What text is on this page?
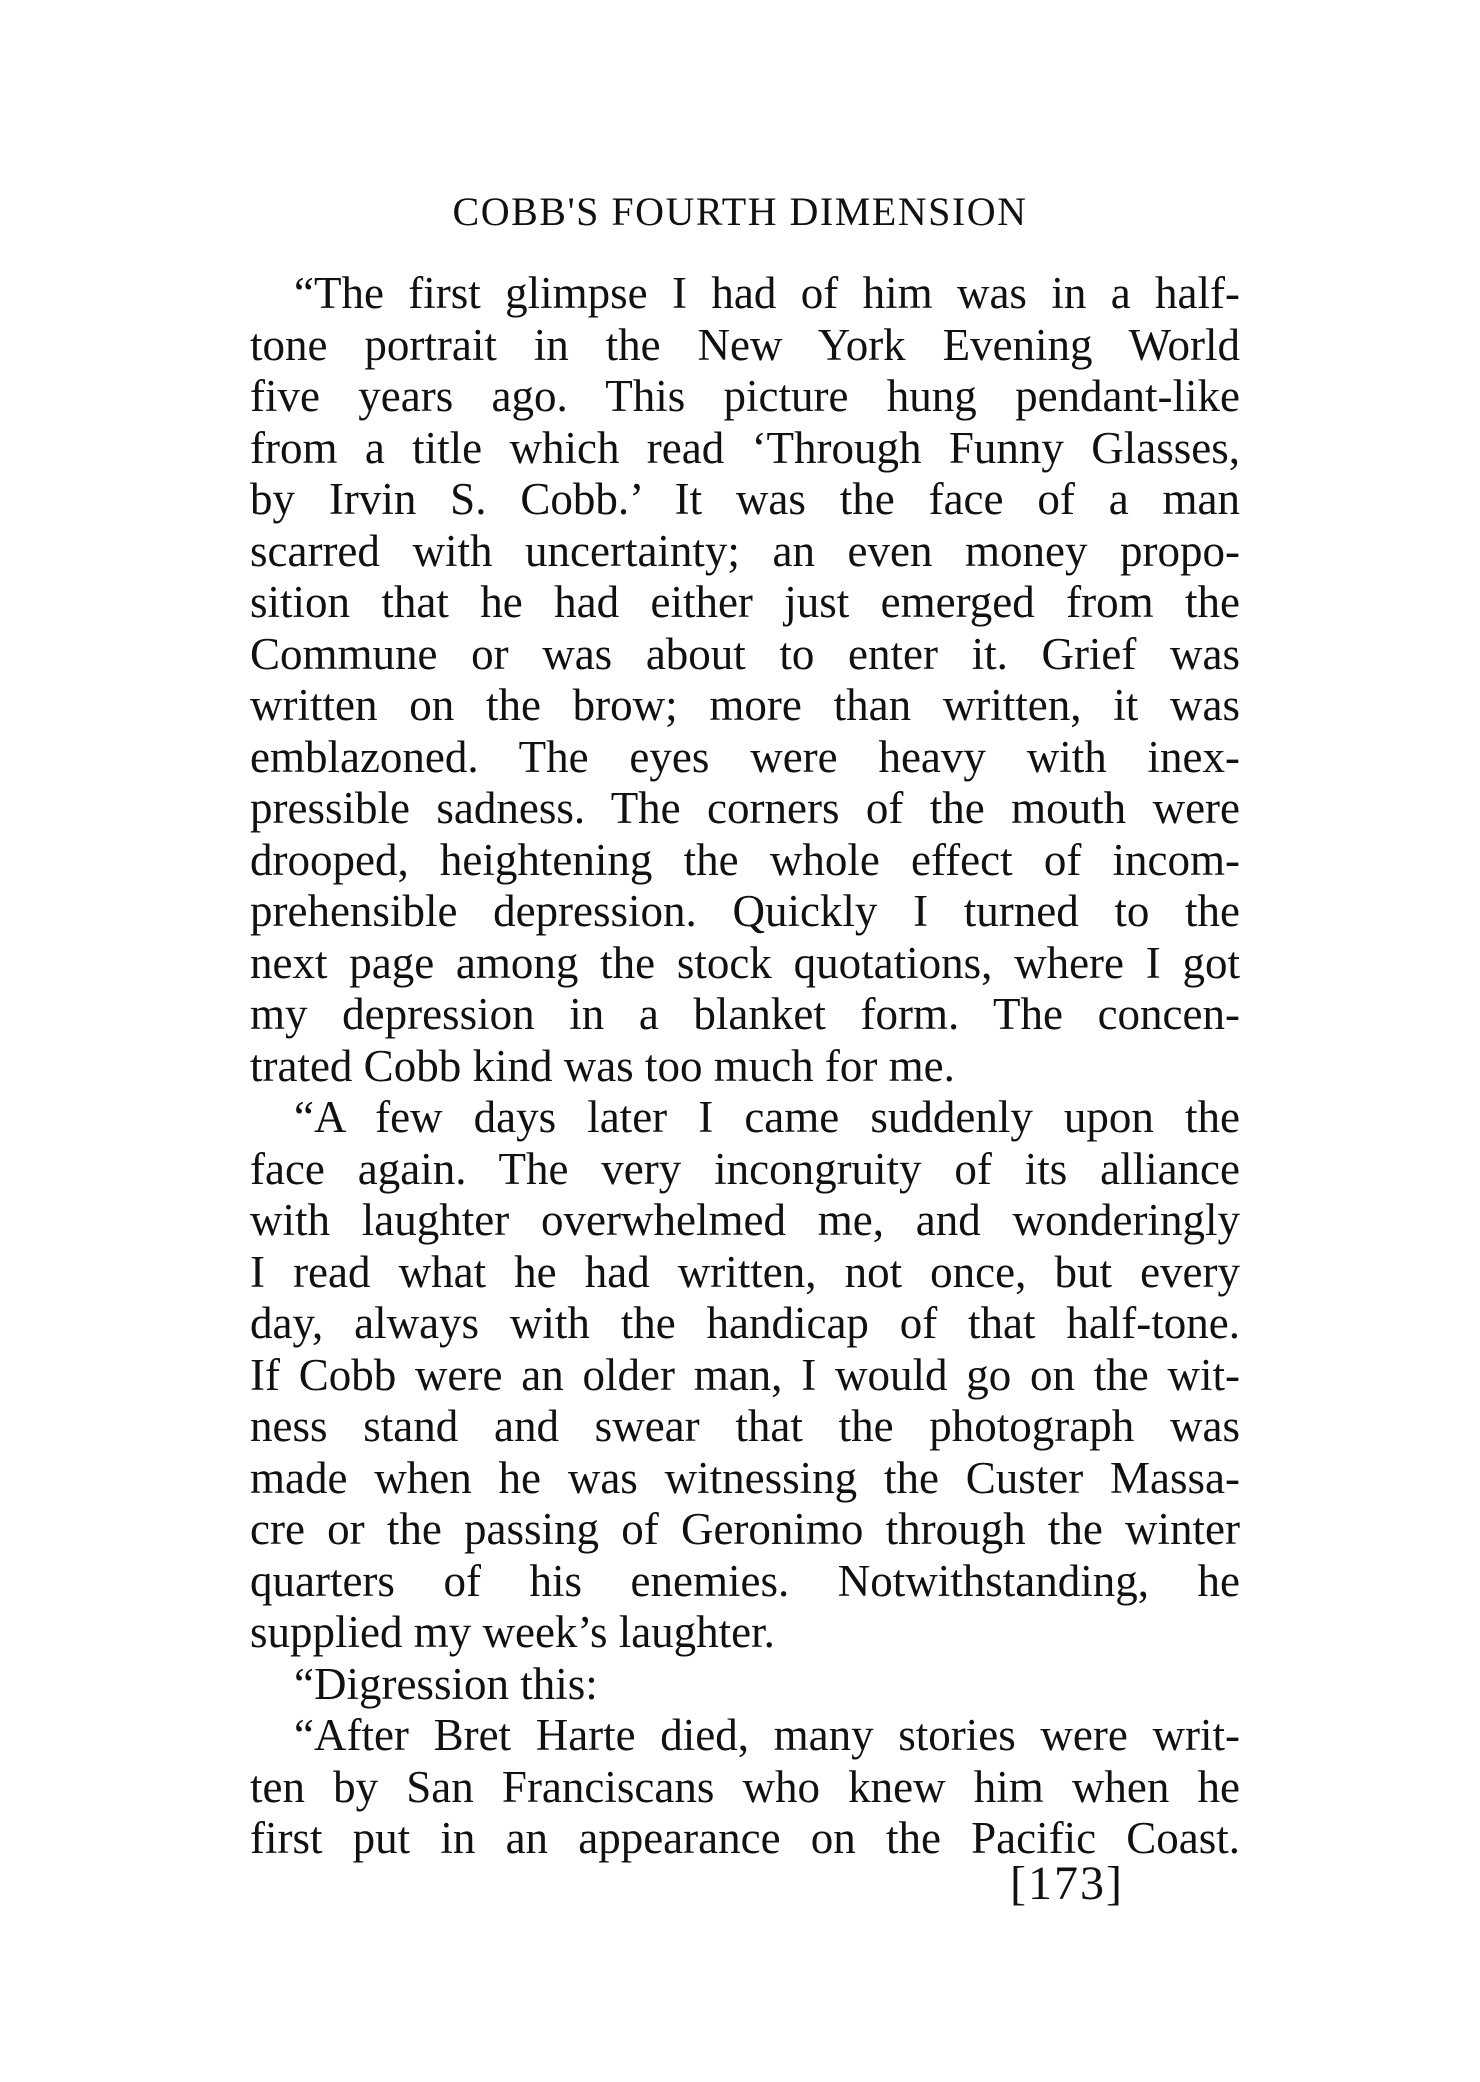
COBB'S FOURTH DIMENSION
“The first glimpse I had of him was in a half-
tone portrait in the New York Evening World
five years ago. This picture hung pendant-like
from a title which read ‘Through Funny Glasses,
by Irvin S. Cobb.’ It was the face of a man
scarred with uncertainty; an even money propo-
sition that he had either just emerged from the
Commune or was about to enter it. Grief was
written on the brow; more than written, it was
emblazoned. The eyes were heavy with inex-
pressible sadness. The corners of the mouth were
drooped, heightening the whole effect of incom-
prehensible depression. Quickly I turned to the
next page among the stock quotations, where I got
my depression in a blanket form. The concen-
trated Cobb kind was too much for me.
“A few days later I came suddenly upon the
face again. The very incongruity of its alliance
with laughter overwhelmed me, and wonderingly
I read what he had written, not once, but every
day, always with the handicap of that half-tone.
If Cobb were an older man, I would go on the wit-
ness stand and swear that the photograph was
made when he was witnessing the Custer Massa-
cre or the passing of Geronimo through the winter
quarters of his enemies. Notwithstanding, he
supplied my week’s laughter.
“Digression this:
“After Bret Harte died, many stories were writ-
ten by San Franciscans who knew him when he
first put in an appearance on the Pacific Coast.
[173]
